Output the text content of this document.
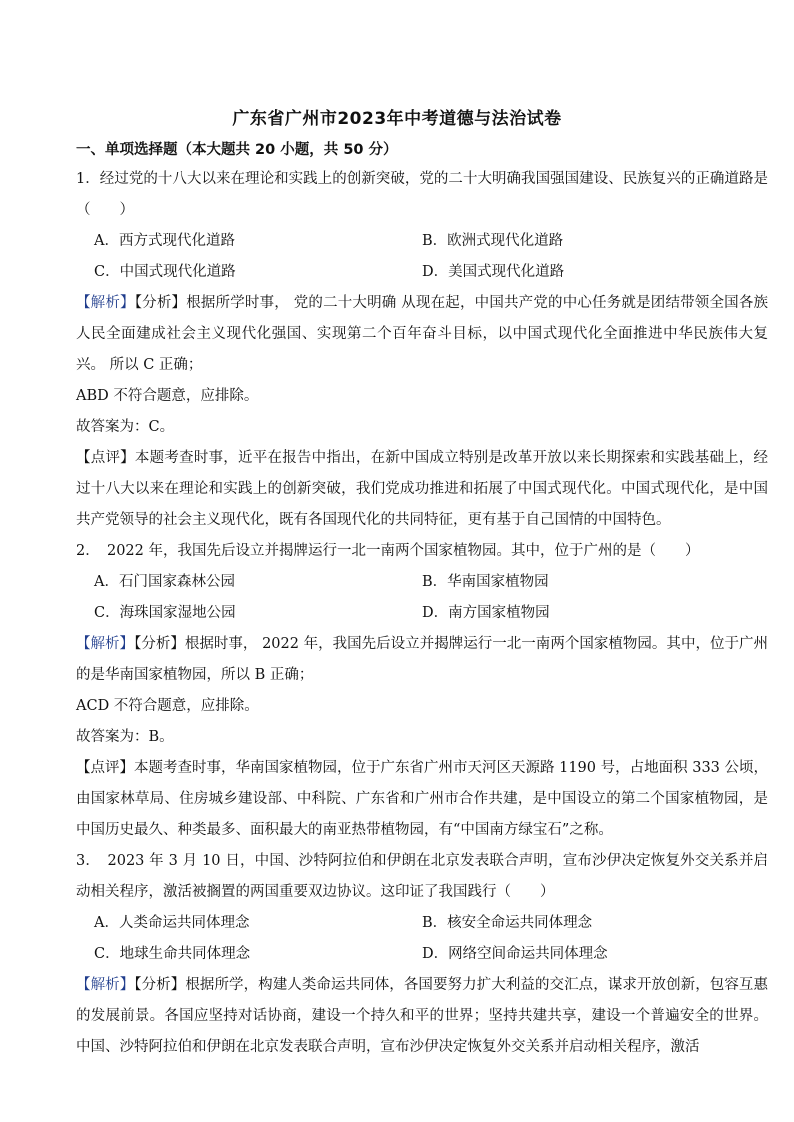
广东省广州市2023年中考道德与法治试卷
一、单项选择题（本大题共 20 小题，共 50 分）

1．经过党的十八大以来在理论和实践上的创新突破，党的二十大明确我国强国建设、民族复兴的正确道路是（　　）

A．西方式现代化道路	B．欧洲式现代化道路
C．中国式现代化道路	D．美国式现代化道路

【解析】【分析】根据所学时事， 党的二十大明确 从现在起，中国共产党的中心任务就是团结带领全国各族人民全面建成社会主义现代化强国、实现第二个百年奋斗目标，以中国式现代化全面推进中华民族伟大复兴。 所以 C 正确；

ABD 不符合题意，应排除。

故答案为：C。

【点评】本题考查时事，近平在报告中指出，在新中国成立特别是改革开放以来长期探索和实践基础上，经过十八大以来在理论和实践上的创新突破，我们党成功推进和拓展了中国式现代化。中国式现代化，是中国共产党领导的社会主义现代化，既有各国现代化的共同特征，更有基于自己国情的中国特色。

2．　2022 年，我国先后设立并揭牌运行一北一南两个国家植物园。其中，位于广州的是（　　）

A．石门国家森林公园	B．华南国家植物园
C．海珠国家湿地公园	D．南方国家植物园

【解析】【分析】根据时事， 2022 年，我国先后设立并揭牌运行一北一南两个国家植物园。其中，位于广州的是华南国家植物园，所以 B 正确；

ACD 不符合题意，应排除。

故答案为：B。

【点评】本题考查时事，华南国家植物园，位于广东省广州市天河区天源路 1190 号，占地面积 333 公顷，由国家林草局、住房城乡建设部、中科院、广东省和广州市合作共建，是中国设立的第二个国家植物园，是中国历史最久、种类最多、面积最大的南亚热带植物园，有“中国南方绿宝石”之称。

3．　2023 年 3 月 10 日，中国、沙特阿拉伯和伊朗在北京发表联合声明，宣布沙伊决定恢复外交关系并启动相关程序，激活被搁置的两国重要双边协议。这印证了我国践行（　　）

A．人类命运共同体理念	B．核安全命运共同体理念
C．地球生命共同体理念	D．网络空间命运共同体理念

【解析】【分析】根据所学，构建人类命运共同体，各国要努力扩大利益的交汇点，谋求开放创新，包容互惠的发展前景。各国应坚持对话协商，建设一个持久和平的世界；坚持共建共享，建设一个普遍安全的世界。中国、沙特阿拉伯和伊朗在北京发表联合声明，宣布沙伊决定恢复外交关系并启动相关程序，激活
